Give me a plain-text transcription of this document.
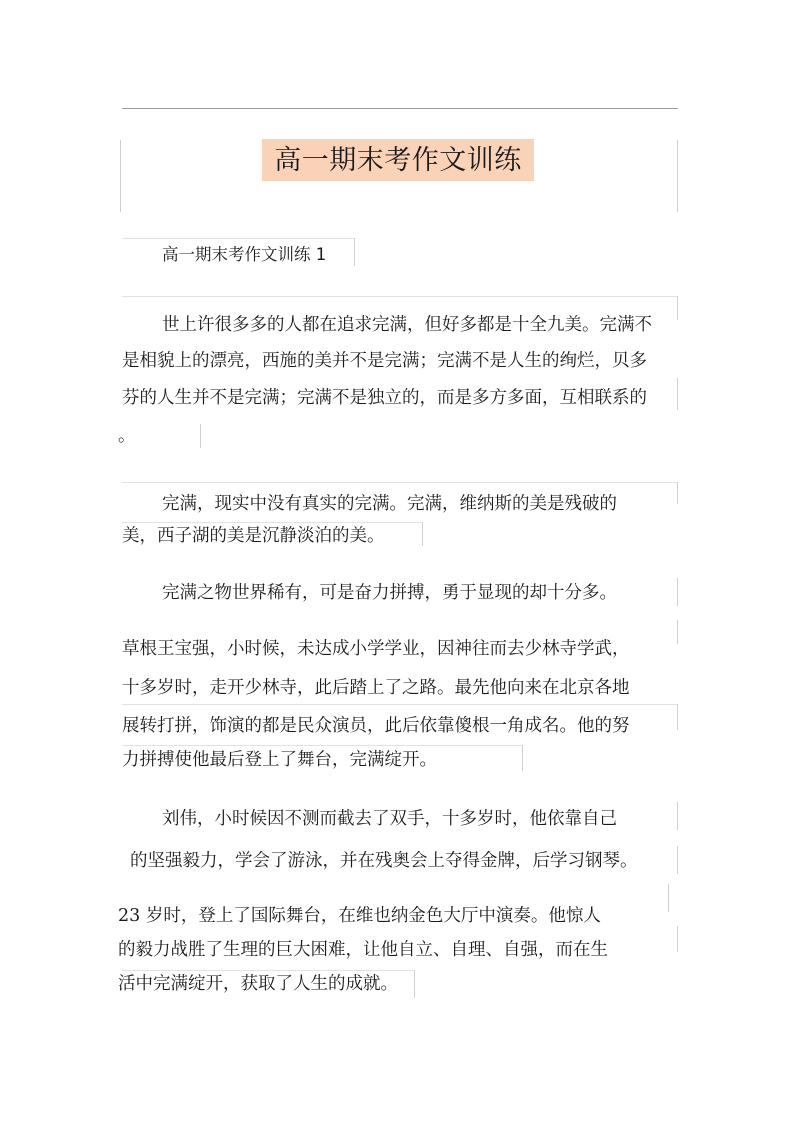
高一期末考作文训练
高一期末考作文训练 1
世上许很多多的人都在追求完满，但好多都是十全九美。完满不
是相貌上的漂亮，西施的美并不是完满；完满不是人生的绚烂，贝多
芬的人生并不是完满；完满不是独立的，而是多方多面，互相联系的
。
完满，现实中没有真实的完满。完满，维纳斯的美是残破的
美，西子湖的美是沉静淡泊的美。
完满之物世界稀有，可是奋力拼搏，勇于显现的却十分多。
草根王宝强，小时候，未达成小学学业，因神往而去少林寺学武，
十多岁时，走开少林寺，此后踏上了之路。最先他向来在北京各地
展转打拼，饰演的都是民众演员，此后依靠傻根一角成名。他的努
力拼搏使他最后登上了舞台，完满绽开。
刘伟，小时候因不测而截去了双手，十多岁时，他依靠自己
的坚强毅力，学会了游泳，并在残奥会上夺得金牌，后学习钢琴。
23 岁时，登上了国际舞台，在维也纳金色大厅中演奏。他惊人
的毅力战胜了生理的巨大困难，让他自立、自理、自强，而在生
活中完满绽开，获取了人生的成就。
